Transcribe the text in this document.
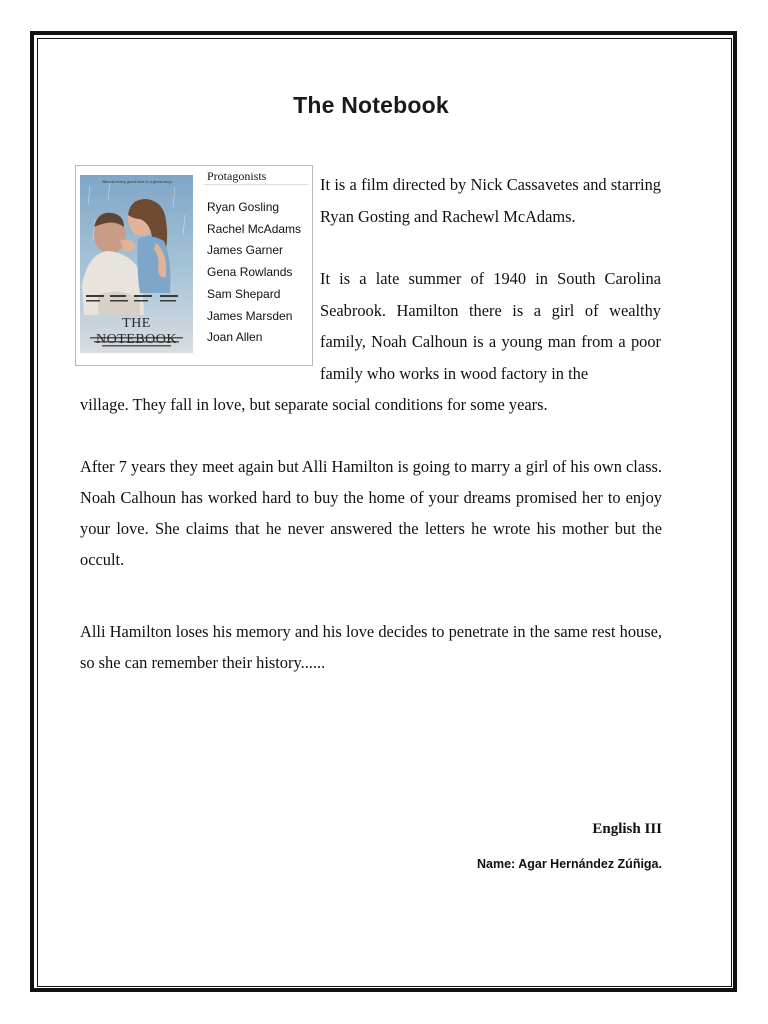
The Notebook
Behind every great love is a great story
THE NOTEBOOK
Protagonists
Ryan Gosling
Rachel McAdams
James Garner
Gena Rowlands
Sam Shepard
James Marsden
Joan Allen

It is a film directed by Nick Cassavetes and starring Ryan Gosting and Rachewl McAdams.

It is a late summer of 1940 in South Carolina Seabrook. Hamilton there is a girl of wealthy family, Noah Calhoun is a young man from a poor family who works in wood factory in the

village. They fall in love, but separate social conditions for some years.

After 7 years they meet again but Alli Hamilton is going to marry a girl of his own class. Noah Calhoun has worked hard to buy the home of your dreams promised her to enjoy your love. She claims that he never answered the letters he wrote his mother but the occult.

Alli Hamilton loses his memory and his love decides to penetrate in the same rest house, so she can remember their history......

English III
Name: Agar Hernández Zúñiga.
